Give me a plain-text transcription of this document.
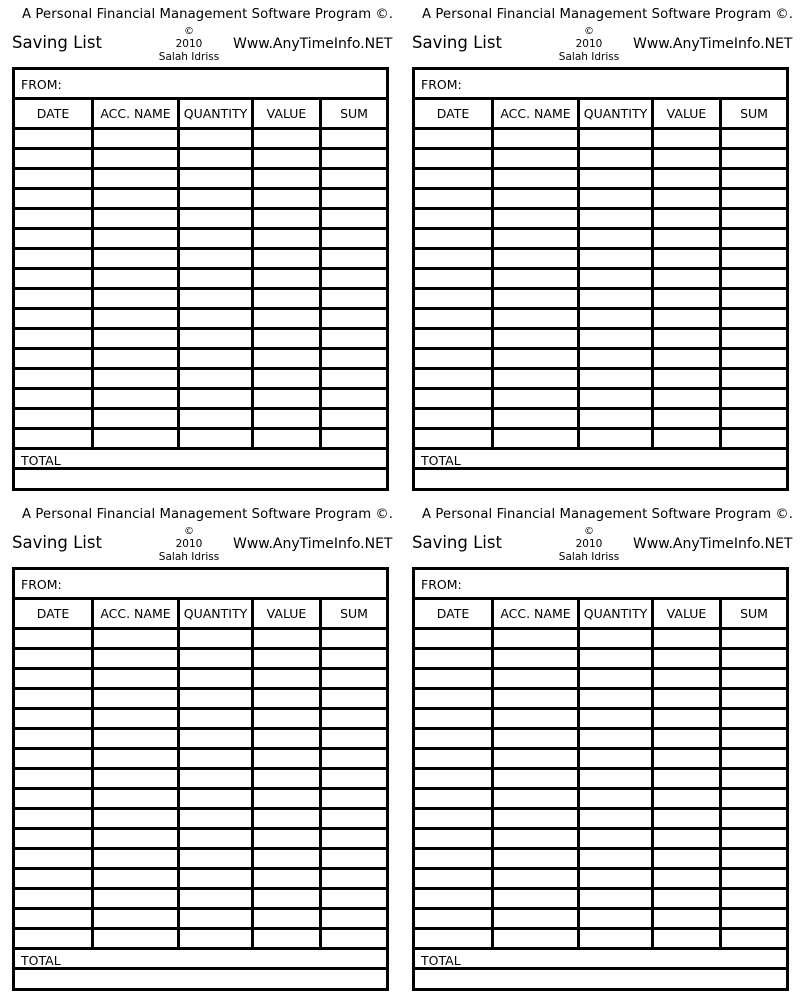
A Personal Financial Management Software Program ©.
Saving List
©
2010
Salah Idriss
Www.AnyTimeInfo.NET
FROM:
DATE	ACC. NAME	QUANTITY	VALUE	SUM
TOTAL
A Personal Financial Management Software Program ©.
Saving List
©
2010
Salah Idriss
Www.AnyTimeInfo.NET
FROM:
DATE	ACC. NAME	QUANTITY	VALUE	SUM
TOTAL
A Personal Financial Management Software Program ©.
Saving List
©
2010
Salah Idriss
Www.AnyTimeInfo.NET
FROM:
DATE	ACC. NAME	QUANTITY	VALUE	SUM
TOTAL
A Personal Financial Management Software Program ©.
Saving List
©
2010
Salah Idriss
Www.AnyTimeInfo.NET
FROM:
DATE	ACC. NAME	QUANTITY	VALUE	SUM
TOTAL
